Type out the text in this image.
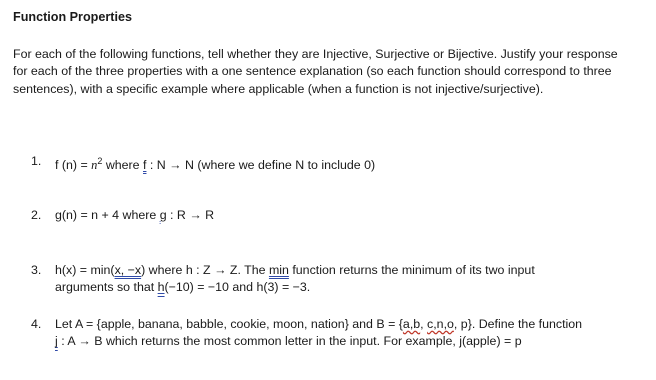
Function Properties
For each of the following functions, tell whether they are Injective, Surjective or Bijective. Justify your response for each of the three properties with a one sentence explanation (so each function should correspond to three sentences), with a specific example where applicable (when a function is not injective/surjective).
1.	f $(n) = n^2$ where f : N → N (where we define N to include 0)
2.	g(n) = n + 4 where g : R → R
3.	h(x) = min(x, −x) where h : Z → Z. The min function returns the minimum of its two input
arguments so that h(−10) = −10 and h(3) = −3.
4.	Let A = {apple, banana, babble, cookie, moon, nation} and B = {a,b, c,n,o, p}. Define the function
j : A → B which returns the most common letter in the input. For example, j(apple) = p
